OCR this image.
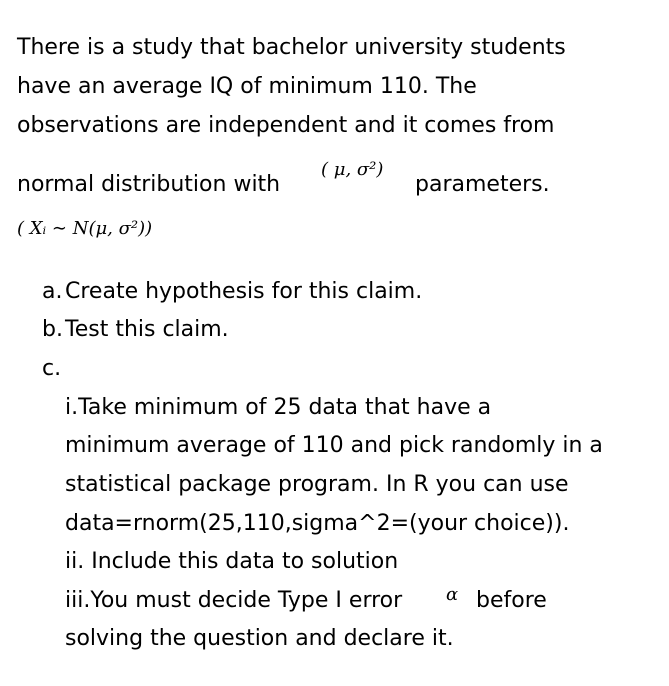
There is a study that bachelor university students
have an average IQ of minimum 110. The
observations are independent and it comes from
normal distribution with
( μ, σ²)
parameters.
( Xᵢ ∼ N(μ, σ²))
a. Create hypothesis for this claim.
b. Test this claim.
c.
i.Take minimum of 25 data that have a
minimum average of 110 and pick randomly in a
statistical package program. In R you can use
data=rnorm(25,110,sigma^2=(your choice)).
ii. Include this data to solution
iii.You must decide Type I error α before
solving the question and declare it.
